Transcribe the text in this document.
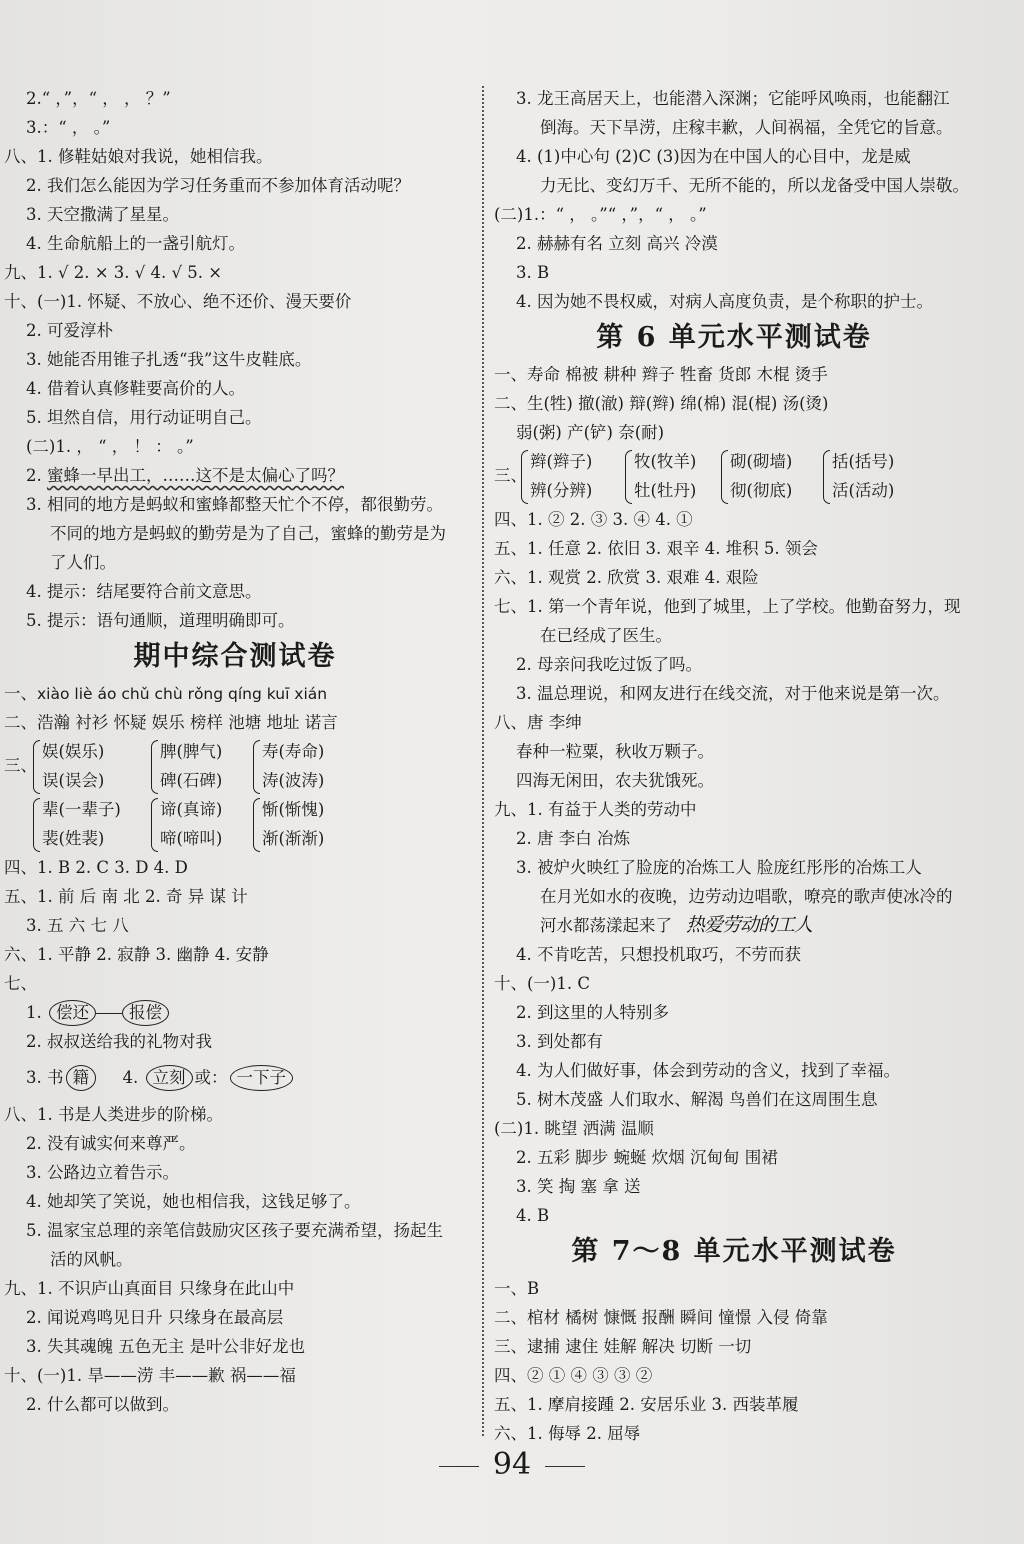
2.“ ，”，“ ， ， ？”
3.：“ ， 。”
八、1. 修鞋姑娘对我说，她相信我。
2. 我们怎么能因为学习任务重而不参加体育活动呢？
3. 天空撒满了星星。
4. 生命航船上的一盏引航灯。
九、1. √ 2. × 3. √ 4. √ 5. ×
十、(一)1. 怀疑、不放心、绝不还价、漫天要价
2. 可爱淳朴
3. 她能否用锥子扎透“我”这牛皮鞋底。
4. 借着认真修鞋要高价的人。
5. 坦然自信，用行动证明自己。
(二)1. ， “ ， ！ ： 。”
2. 蜜蜂一早出工，……这不是太偏心了吗？
3. 相同的地方是蚂蚁和蜜蜂都整天忙个不停，都很勤劳。
不同的地方是蚂蚁的勤劳是为了自己，蜜蜂的勤劳是为
了人们。
4. 提示：结尾要符合前文意思。
5. 提示：语句通顺，道理明确即可。
期中综合测试卷
一、xiào liè áo chǔ chù rǒng qíng kuī xián
二、浩瀚 衬衫 怀疑 娱乐 榜样 池塘 地址 诺言
三、
娱(娱乐)
误(误会)
脾(脾气)
碑(石碑)
寿(寿命)
涛(波涛)
辈(一辈子)
裴(姓裴)
谛(真谛)
啼(啼叫)
惭(惭愧)
渐(渐渐)
四、1. B 2. C 3. D 4. D
五、1. 前 后 南 北 2. 奇 异 谋 计
3. 五 六 七 八
六、1. 平静 2. 寂静 3. 幽静 4. 安静
七、
1. 偿还 报偿
2. 叔叔送给我的礼物对我
3. 书 籍 4. 立刻 或： 一下子
八、1. 书是人类进步的阶梯。
2. 没有诚实何来尊严。
3. 公路边立着告示。
4. 她却笑了笑说，她也相信我，这钱足够了。
5. 温家宝总理的亲笔信鼓励灾区孩子要充满希望，扬起生
活的风帆。
九、1. 不识庐山真面目 只缘身在此山中
2. 闻说鸡鸣见日升 只缘身在最高层
3. 失其魂魄 五色无主 是叶公非好龙也
十、(一)1. 旱——涝 丰——歉 祸——福
2. 什么都可以做到。
3. 龙王高居天上，也能潜入深渊；它能呼风唤雨，也能翻江
倒海。天下旱涝，庄稼丰歉，人间祸福，全凭它的旨意。
4. (1)中心句 (2)C (3)因为在中国人的心目中，龙是威
力无比、变幻万千、无所不能的，所以龙备受中国人崇敬。
(二)1.：“ ， 。”“ ，”，“ ， 。”
2. 赫赫有名 立刻 高兴 冷漠
3. B
4. 因为她不畏权威，对病人高度负责，是个称职的护士。
第 6 单元水平测试卷
一、寿命 棉被 耕种 辫子 牲畜 货郎 木棍 烫手
二、生(牲) 撤(澈) 辩(辫) 绵(棉) 混(棍) 汤(烫)
弱(粥) 产(铲) 奈(耐)
三、
辫(辫子)
辨(分辨)
牧(牧羊)
牡(牡丹)
砌(砌墙)
彻(彻底)
括(括号)
活(活动)
四、1. ② 2. ③ 3. ④ 4. ①
五、1. 任意 2. 依旧 3. 艰辛 4. 堆积 5. 领会
六、1. 观赏 2. 欣赏 3. 艰难 4. 艰险
七、1. 第一个青年说，他到了城里，上了学校。他勤奋努力，现
在已经成了医生。
2. 母亲问我吃过饭了吗。
3. 温总理说，和网友进行在线交流，对于他来说是第一次。
八、唐 李绅
春种一粒粟，秋收万颗子。
四海无闲田，农夫犹饿死。
九、1. 有益于人类的劳动中
2. 唐 李白 冶炼
3. 被炉火映红了脸庞的冶炼工人 脸庞红彤彤的冶炼工人
在月光如水的夜晚，边劳动边唱歌，嘹亮的歌声使冰冷的
河水都荡漾起来了 热爱劳动的工人
4. 不肯吃苦，只想投机取巧，不劳而获
十、(一)1. C
2. 到这里的人特别多
3. 到处都有
4. 为人们做好事，体会到劳动的含义，找到了幸福。
5. 树木茂盛 人们取水、解渴 鸟兽们在这周围生息
(二)1. 眺望 洒满 温顺
2. 五彩 脚步 蜿蜒 炊烟 沉甸甸 围裙
3. 笑 掏 塞 拿 送
4. B
第 7～8 单元水平测试卷
一、B
二、棺材 橘树 慷慨 报酬 瞬间 憧憬 入侵 倚靠
三、逮捕 逮住 娃解 解决 切断 一切
四、② ① ④ ③ ③ ②
五、1. 摩肩接踵 2. 安居乐业 3. 西装革履
六、1. 侮辱 2. 屈辱
94
